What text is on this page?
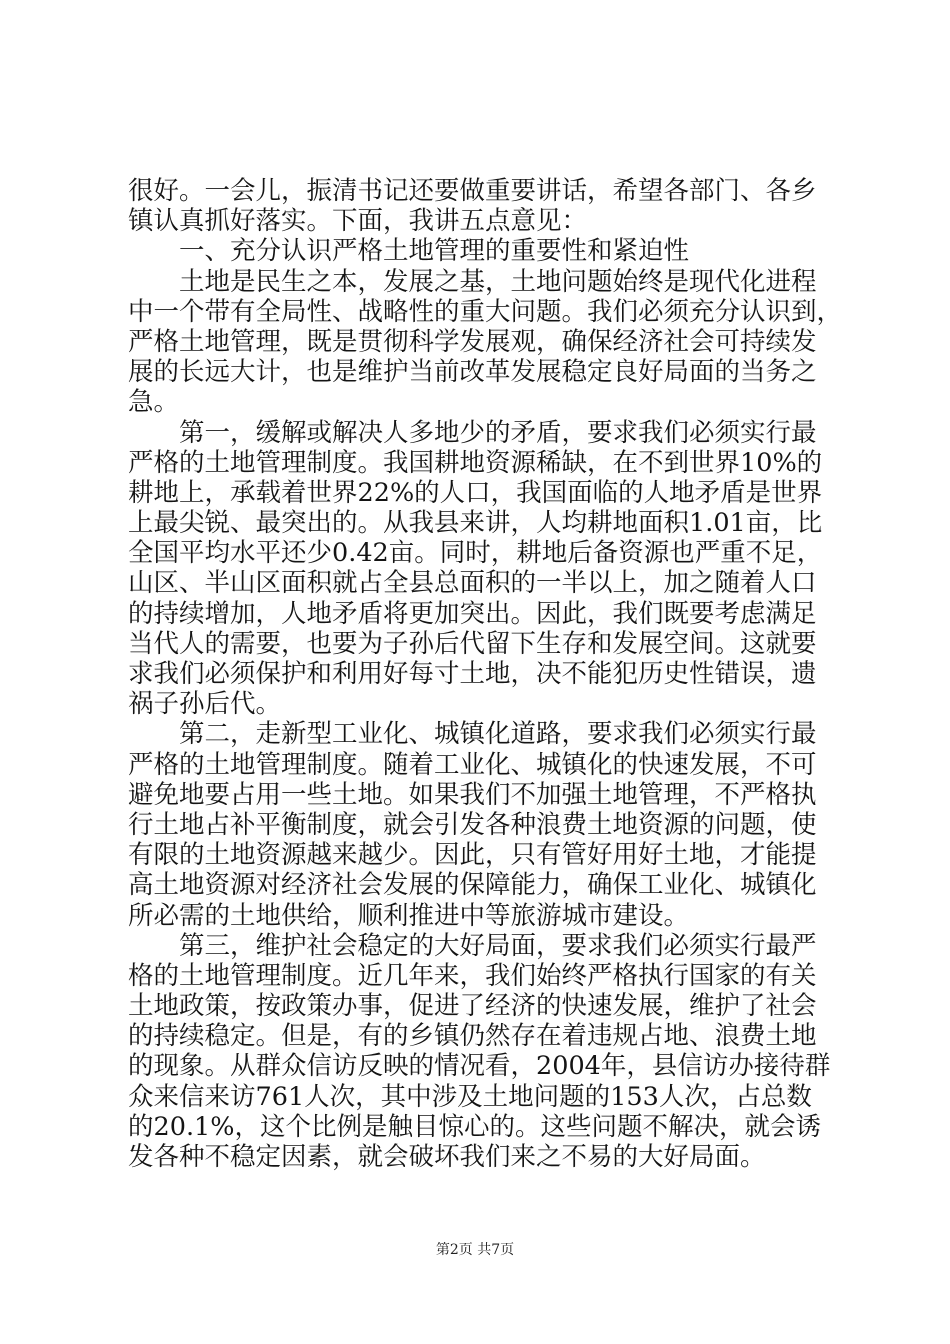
很好。一会儿，振清书记还要做重要讲话，希望各部门、各乡
镇认真抓好落实。下面，我讲五点意见：
　　一、充分认识严格土地管理的重要性和紧迫性
　　土地是民生之本，发展之基，土地问题始终是现代化进程
中一个带有全局性、战略性的重大问题。我们必须充分认识到，
严格土地管理，既是贯彻科学发展观，确保经济社会可持续发
展的长远大计，也是维护当前改革发展稳定良好局面的当务之
急。
　　第一，缓解或解决人多地少的矛盾，要求我们必须实行最
严格的土地管理制度。我国耕地资源稀缺，在不到世界10%的
耕地上，承载着世界22%的人口，我国面临的人地矛盾是世界
上最尖锐、最突出的。从我县来讲，人均耕地面积1.01亩，比
全国平均水平还少0.42亩。同时，耕地后备资源也严重不足，
山区、半山区面积就占全县总面积的一半以上，加之随着人口
的持续增加，人地矛盾将更加突出。因此，我们既要考虑满足
当代人的需要，也要为子孙后代留下生存和发展空间。这就要
求我们必须保护和利用好每寸土地，决不能犯历史性错误，遗
祸子孙后代。
　　第二，走新型工业化、城镇化道路，要求我们必须实行最
严格的土地管理制度。随着工业化、城镇化的快速发展，不可
避免地要占用一些土地。如果我们不加强土地管理，不严格执
行土地占补平衡制度，就会引发各种浪费土地资源的问题，使
有限的土地资源越来越少。因此，只有管好用好土地，才能提
高土地资源对经济社会发展的保障能力，确保工业化、城镇化
所必需的土地供给，顺利推进中等旅游城市建设。
　　第三，维护社会稳定的大好局面，要求我们必须实行最严
格的土地管理制度。近几年来，我们始终严格执行国家的有关
土地政策，按政策办事，促进了经济的快速发展，维护了社会
的持续稳定。但是，有的乡镇仍然存在着违规占地、浪费土地
的现象。从群众信访反映的情况看，2004年，县信访办接待群
众来信来访761人次，其中涉及土地问题的153人次，占总数
的20.1%，这个比例是触目惊心的。这些问题不解决，就会诱
发各种不稳定因素，就会破坏我们来之不易的大好局面。
第2页 共7页
